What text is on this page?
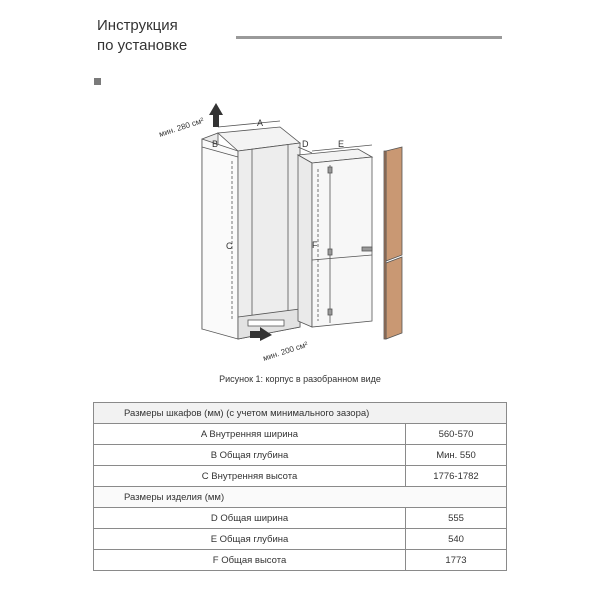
Инструкция
по установке
мин. 280 см²
мин. 200 см²
A
B
C
D	E
F
Рисунок 1: корпус в разобранном виде
Размеры шкафов (мм) (с учетом минимального зазора)	
A Внутренняя ширина	560-570
B Общая глубина	Мин. 550
C Внутренняя высота	1776-1782
Размеры изделия (мм)	
D Общая ширина	555
E Общая глубина	540
F Общая высота	1773
